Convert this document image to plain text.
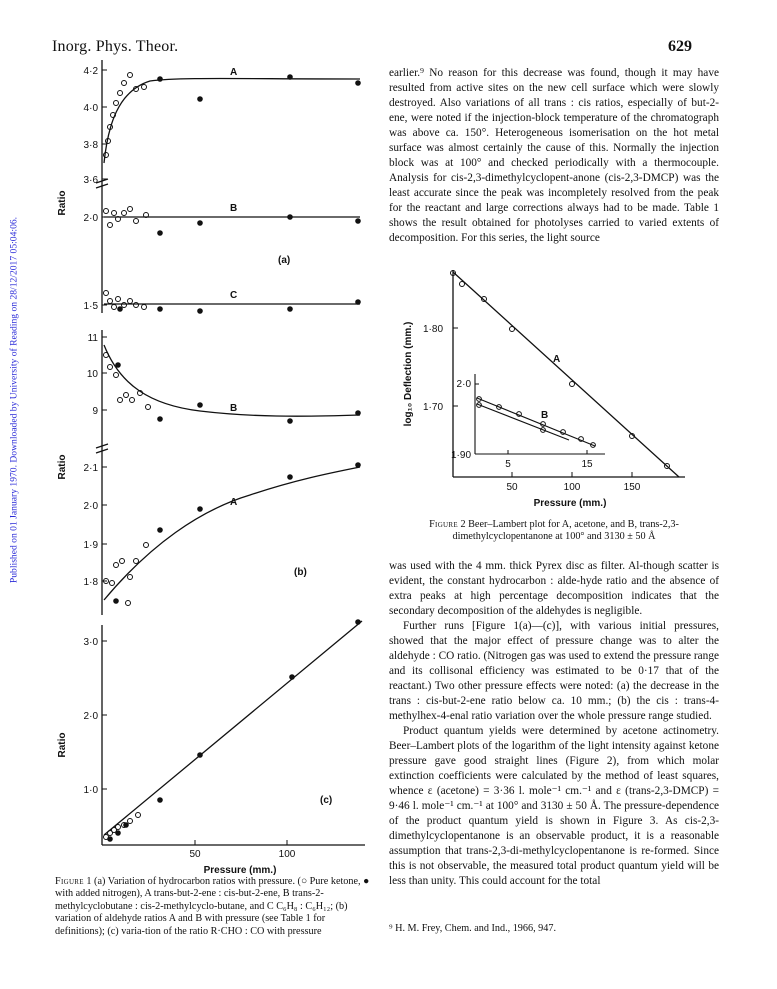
Published on 01 January 1970. Downloaded by University of Reading on 28/12/2017 05:04:06.
Inorg. Phys. Theor.	629
Ratio
Ratio
Ratio
4·2
4·0
3·8
3·6
2·0
1·5
A
B
C
(a)
11
10
9
2·1
2·0
1·9
1·8
B
A
(b)
3·0
2·0
1·0
(c)
50	100
Pressure (mm.)
Figure 1 (a) Variation of hydrocarbon ratios with pressure. (○ Pure ketone, ● with added nitrogen), A trans-but-2-ene : cis-but-2-ene, B trans-2-methylcyclobutane : cis-2-methylcyclo-butane, and C C₆H₈ : C₆H₁₂; (b) variation of aldehyde ratios A and B with pressure (see Table 1 for definitions); (c) varia-tion of the ratio R·CHO : CO with pressure

earlier.⁹ No reason for this decrease was found, though it may have resulted from active sites on the new cell surface which were slowly destroyed. Also variations of all trans : cis ratios, especially of but-2-ene, were noted if the injection-block temperature of the chromatograph was above ca. 150°. Heterogeneous isomerisation on the hot metal surface was almost certainly the cause of this. Normally the injection block was at 100° and checked periodically with a thermocouple. Analysis for cis-2,3-dimethylcyclopent-anone (cis-2,3-DMCP) was the least accurate since the peak was incompletely resolved from the peak for the reactant and large corrections always had to be made. Table 1 shows the result obtained for photolyses carried to varied extents of decomposition. For this series, the light source

log₁₀ Deflection (mm.) 1·80
1·70
50	100	150
Pressure (mm.)
A
2·0
1·90
5	15
B
Figure 2 Beer–Lambert plot for A, acetone, and B, trans-2,3-dimethylcyclopentanone at 100° and 3130 ± 50 Å

was used with the 4 mm. thick Pyrex disc as filter. Al-though scatter is evident, the constant hydrocarbon : alde-hyde ratio and the absence of extra peaks at high percentage decomposition indicates that the secondary decomposition of the aldehydes is negligible.

Further runs [Figure 1(a)—(c)], with various initial pressures, showed that the major effect of pressure change was to alter the aldehyde : CO ratio. (Nitrogen gas was used to extend the pressure range and its collisonal efficiency was estimated to be 0·17 that of the reactant.) Two other pressure effects were noted: (a) the decrease in the trans : cis-but-2-ene ratio below ca. 10 mm.; (b) the cis : trans-4-methylhex-4-enal ratio variation over the whole pressure range studied.

Product quantum yields were determined by acetone actinometry. Beer–Lambert plots of the logarithm of the light intensity against ketone pressure gave good straight lines (Figure 2), from which molar extinction coefficients were calculated by the method of least squares, whence ε (acetone) = 3·36 l. mole⁻¹ cm.⁻¹ and ε (trans-2,3-DMCP) = 9·46 l. mole⁻¹ cm.⁻¹ at 100° and 3130 ± 50 Å. The pressure-dependence of the product quantum yield is shown in Figure 3. As cis-2,3-dimethylcyclopentanone is an observable product, it is a reasonable assumption that trans-2,3-di-methylcyclopentanone is re-formed. Since this is not observable, the measured total product quantum yield will be less than unity. This could account for the total

⁹ H. M. Frey, Chem. and Ind., 1966, 947.
